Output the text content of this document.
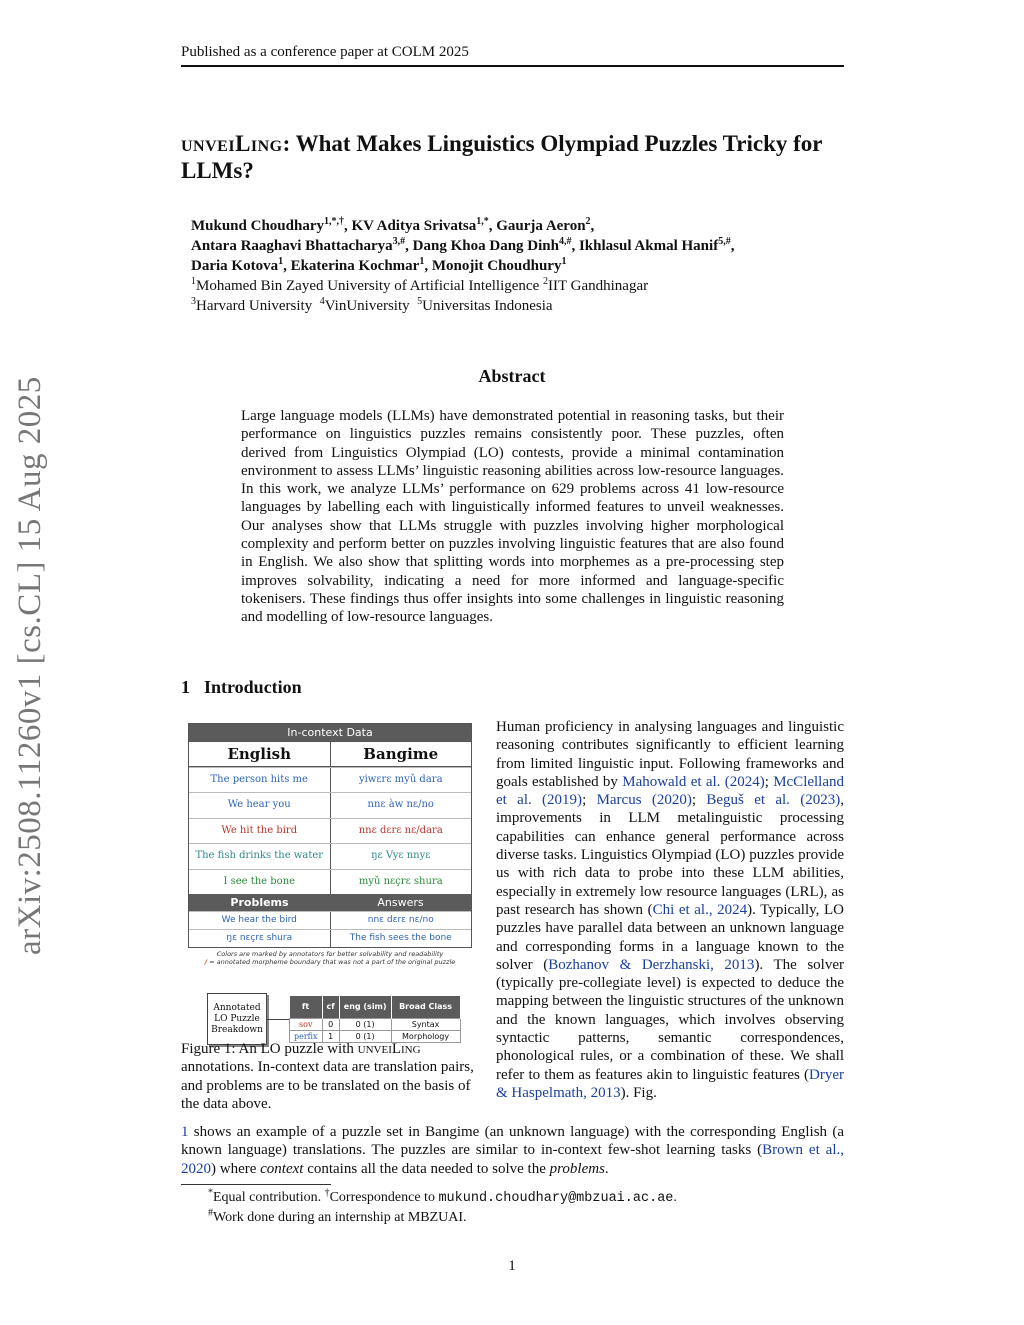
Published as a conference paper at COLM 2025
arXiv:2508.11260v1 [cs.CL] 15 Aug 2025
unveiLing: What Makes Linguistics Olympiad Puzzles Tricky for LLMs?
Mukund Choudhary$^{1,*,\dagger}$, KV Aditya Srivatsa$^{1,*}$, Gaurja Aeron$^2$,
Antara Raaghavi Bhattacharya$^{3,\#}$, Dang Khoa Dang Dinh$^{4,\#}$, Ikhlasul Akmal Hanif$^{5,\#}$,
Daria Kotova$^1$, Ekaterina Kochmar$^1$, Monojit Choudhury$^1$
$^1$Mohamed Bin Zayed University of Artificial Intelligence $^2$IIT Gandhinagar
$^3$Harvard University $^4$VinUniversity $^5$Universitas Indonesia
Abstract
Large language models (LLMs) have demonstrated potential in reasoning tasks, but their performance on linguistics puzzles remains consistently poor. These puzzles, often derived from Linguistics Olympiad (LO) contests, provide a minimal contamination environment to assess LLMs’ linguistic reasoning abilities across low-resource languages. In this work, we analyze LLMs’ performance on 629 problems across 41 low-resource languages by labelling each with linguistically informed features to unveil weaknesses. Our analyses show that LLMs struggle with puzzles involving higher morphological complexity and perform better on puzzles involving linguistic features that are also found in English. We also show that splitting words into morphemes as a pre-processing step improves solvability, indicating a need for more informed and language-specific tokenisers. These findings thus offer insights into some challenges in linguistic reasoning and modelling of low-resource languages.
1 Introduction
In-context Data
English	Bangime
The person hits me	yiwɛrɛ myǔ dara
We hear you	nnɛ àw nɛ/no
We hit the bird	nnɛ dɛrɛ nɛ/dara
The fish drinks the water	ŋɛ Vyɛ nnyɛ
I see the bone	myǔ nɛçrɛ shura
Problems	Answers
We hear the bird	nnɛ dɛrɛ nɛ/no
ŋɛ nɛçrɛ shura	The fish sees the bone
Colors are marked by annotators for better solvability and readability
/ = annotated morpheme boundary that was not a part of the original puzzle
Annotated LO Puzzle Breakdown
ft	cf	eng (sim)	Broad Class
sov	0	0 (1)	Syntax
perfix	1	0 (1)	Morphology
Figure 1: An LO puzzle with unveiLing annotations. In-context data are translation pairs, and problems are to be translated on the basis of the data above.
Human proficiency in analysing languages and linguistic reasoning contributes significantly to efficient learning from limited linguistic input. Following frameworks and goals established by Mahowald et al. (2024); McClelland et al. (2019); Marcus (2020); Beguš et al. (2023), improvements in LLM metalinguistic processing capabilities can enhance general performance across diverse tasks. Linguistics Olympiad (LO) puzzles provide us with rich data to probe into these LLM abilities, especially in extremely low resource languages (LRL), as past research has shown (Chi et al., 2024). Typically, LO puzzles have parallel data between an unknown language and corresponding forms in a language known to the solver (Bozhanov & Derzhanski, 2013). The solver (typically pre-collegiate level) is expected to deduce the mapping between the linguistic structures of the unknown and the known languages, which involves observing syntactic patterns, semantic correspondences, phonological rules, or a combination of these. We shall refer to them as features akin to linguistic features (Dryer & Haspelmath, 2013). Fig.
1 shows an example of a puzzle set in Bangime (an unknown language) with the corresponding English (a known language) translations. The puzzles are similar to in-context few-shot learning tasks (Brown et al., 2020) where context contains all the data needed to solve the problems.
*Equal contribution. †Correspondence to mukund.choudhary@mbzuai.ac.ae.
#Work done during an internship at MBZUAI.
1
